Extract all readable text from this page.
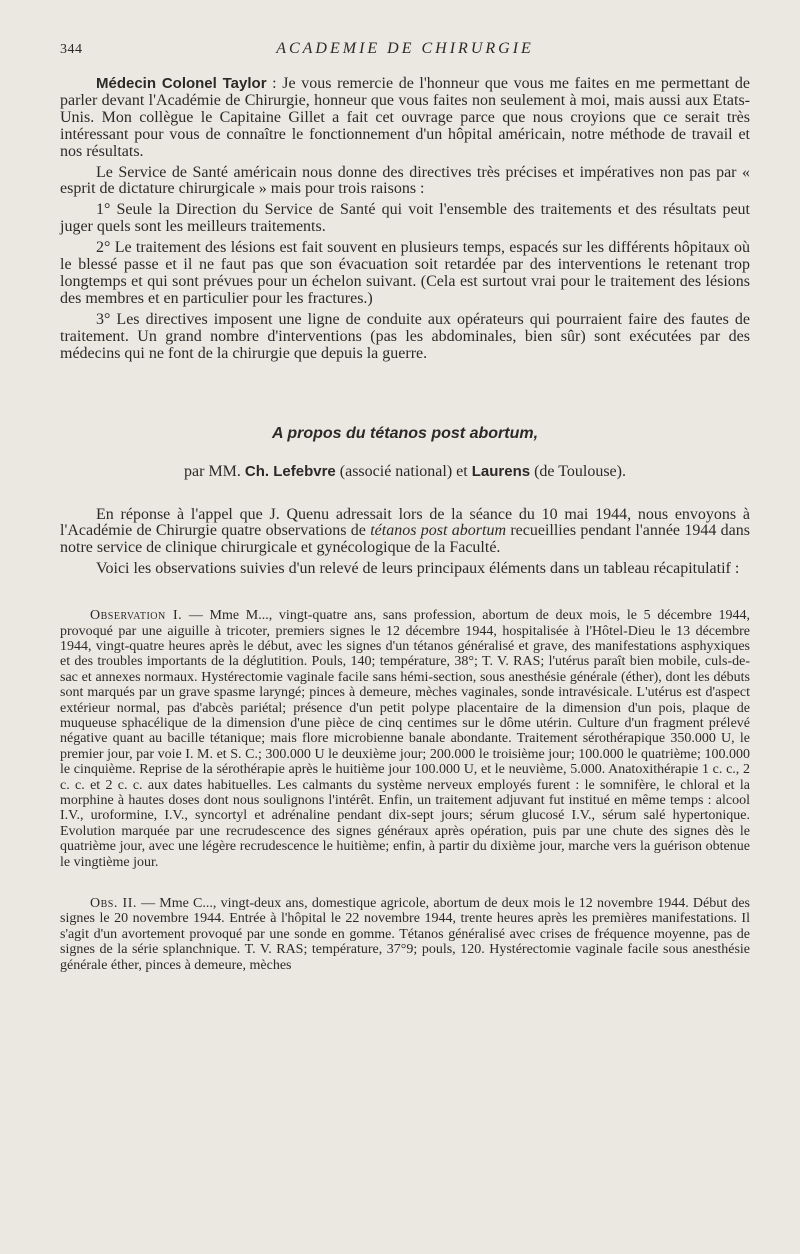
344	ACADEMIE DE CHIRURGIE

Médecin Colonel Taylor : Je vous remercie de l'honneur que vous me faites en me permettant de parler devant l'Académie de Chirurgie, honneur que vous faites non seulement à moi, mais aussi aux Etats-Unis. Mon collègue le Capitaine Gillet a fait cet ouvrage parce que nous croyions que ce serait très intéressant pour vous de connaître le fonctionnement d'un hôpital américain, notre méthode de travail et nos résultats.

Le Service de Santé américain nous donne des directives très précises et impératives non pas par « esprit de dictature chirurgicale » mais pour trois raisons :

1° Seule la Direction du Service de Santé qui voit l'ensemble des traitements et des résultats peut juger quels sont les meilleurs traitements.

2° Le traitement des lésions est fait souvent en plusieurs temps, espacés sur les différents hôpitaux où le blessé passe et il ne faut pas que son évacuation soit retardée par des interventions le retenant trop longtemps et qui sont prévues pour un échelon suivant. (Cela est surtout vrai pour le traitement des lésions des membres et en particulier pour les fractures.)

3° Les directives imposent une ligne de conduite aux opérateurs qui pourraient faire des fautes de traitement. Un grand nombre d'interventions (pas les abdominales, bien sûr) sont exécutées par des médecins qui ne font de la chirurgie que depuis la guerre.

A propos du tétanos post abortum,
par MM. Ch. Lefebvre (associé national) et Laurens (de Toulouse).

En réponse à l'appel que J. Quenu adressait lors de la séance du 10 mai 1944, nous envoyons à l'Académie de Chirurgie quatre observations de tétanos post abortum recueillies pendant l'année 1944 dans notre service de clinique chirurgicale et gynécologique de la Faculté.

Voici les observations suivies d'un relevé de leurs principaux éléments dans un tableau récapitulatif :

Observation I. — Mme M..., vingt-quatre ans, sans profession, abortum de deux mois, le 5 décembre 1944, provoqué par une aiguille à tricoter, premiers signes le 12 décembre 1944, hospitalisée à l'Hôtel-Dieu le 13 décembre 1944, vingt-quatre heures après le début, avec les signes d'un tétanos généralisé et grave, des manifestations asphyxiques et des troubles importants de la déglutition. Pouls, 140; température, 38°; T. V. RAS; l'utérus paraît bien mobile, culs-de-sac et annexes normaux. Hystérectomie vaginale facile sans hémi-section, sous anesthésie générale (éther), dont les débuts sont marqués par un grave spasme laryngé; pinces à demeure, mèches vaginales, sonde intravésicale. L'utérus est d'aspect extérieur normal, pas d'abcès pariétal; présence d'un petit polype placentaire de la dimension d'un pois, plaque de muqueuse sphacélique de la dimension d'une pièce de cinq centimes sur le dôme utérin. Culture d'un fragment prélevé négative quant au bacille tétanique; mais flore microbienne banale abondante. Traitement sérothérapique 350.000 U, le premier jour, par voie I. M. et S. C.; 300.000 U le deuxième jour; 200.000 le troisième jour; 100.000 le quatrième; 100.000 le cinquième. Reprise de la sérothérapie après le huitième jour 100.000 U, et le neuvième, 5.000. Anatoxithérapie 1 c. c., 2 c. c. et 2 c. c. aux dates habituelles. Les calmants du système nerveux employés furent : le somnifère, le chloral et la morphine à hautes doses dont nous soulignons l'intérêt. Enfin, un traitement adjuvant fut institué en même temps : alcool I.V., uroformine, I.V., syncortyl et adrénaline pendant dix-sept jours; sérum glucosé I.V., sérum salé hypertonique. Evolution marquée par une recrudescence des signes généraux après opération, puis par une chute des signes dès le quatrième jour, avec une légère recrudescence le huitième; enfin, à partir du dixième jour, marche vers la guérison obtenue le vingtième jour.

Obs. II. — Mme C..., vingt-deux ans, domestique agricole, abortum de deux mois le 12 novembre 1944. Début des signes le 20 novembre 1944. Entrée à l'hôpital le 22 novembre 1944, trente heures après les premières manifestations. Il s'agit d'un avortement provoqué par une sonde en gomme. Tétanos généralisé avec crises de fréquence moyenne, pas de signes de la série splanchnique. T. V. RAS; température, 37°9; pouls, 120. Hystérectomie vaginale facile sous anesthésie générale éther, pinces à demeure, mèches
